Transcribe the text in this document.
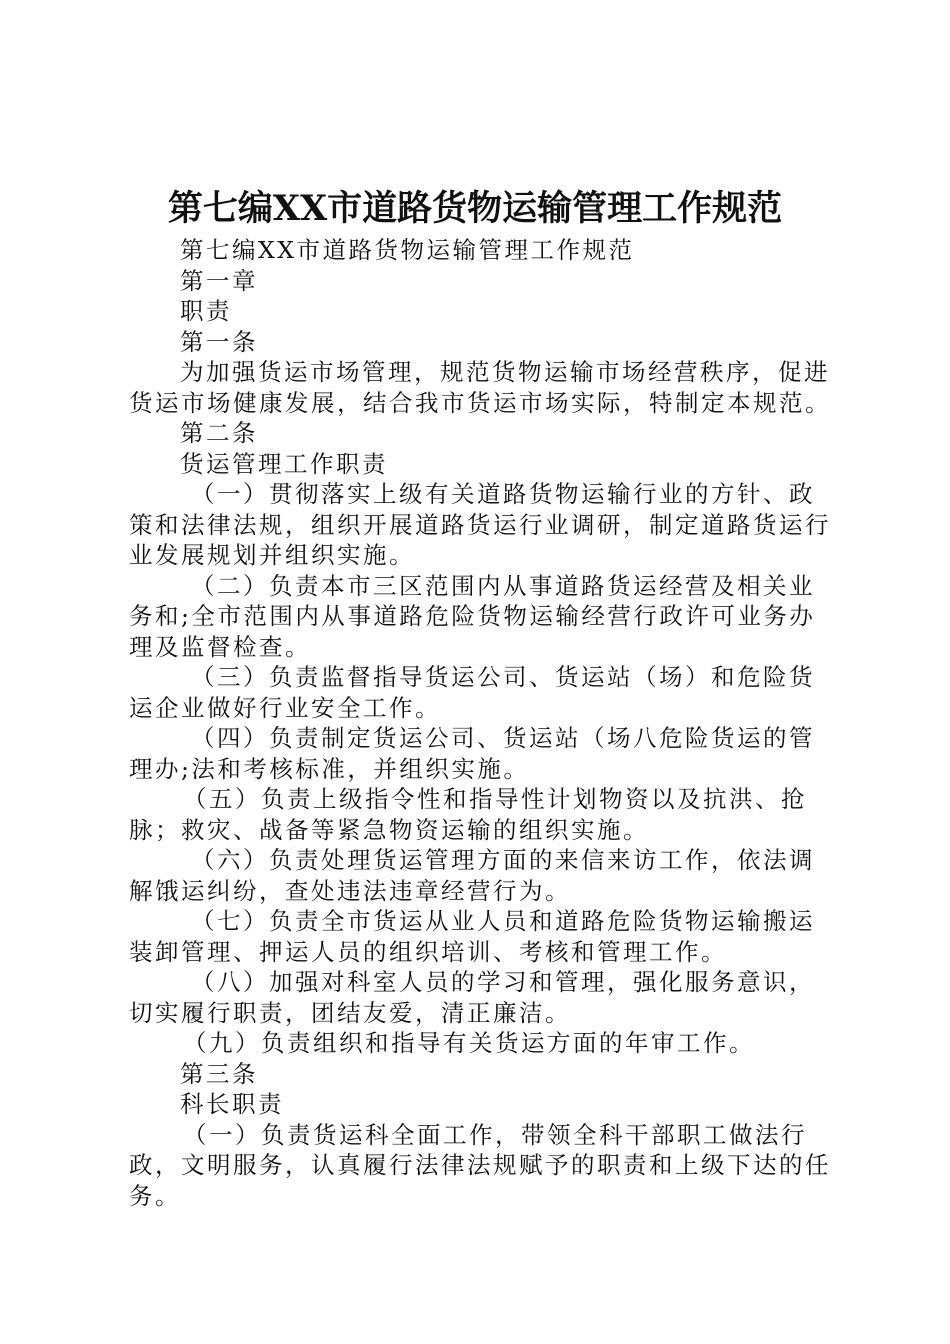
第七编XX市道路货物运输管理工作规范

第七编XX市道路货物运输管理工作规范

第一章

职责

第一条

为加强货运市场管理，规范货物运输市场经营秩序，促进货运市场健康发展，结合我市货运市场实际，特制定本规范。

第二条

货运管理工作职责

（一）贯彻落实上级有关道路货物运输行业的方针、政策和法律法规，组织开展道路货运行业调研，制定道路货运行业发展规划并组织实施。

（二）负责本市三区范围内从事道路货运经营及相关业务和;全市范围内从事道路危险货物运输经营行政许可业务办理及监督检查。

（三）负责监督指导货运公司、货运站（场）和危险货运企业做好行业安全工作。

（四）负责制定货运公司、货运站（场八危险货运的管理办;法和考核标准，并组织实施。

（五）负责上级指令性和指导性计划物资以及抗洪、抢脉；救灾、战备等紧急物资运输的组织实施。

（六）负责处理货运管理方面的来信来访工作，依法调解饿运纠纷，查处违法违章经营行为。

（七）负责全市货运从业人员和道路危险货物运输搬运装卸管理、押运人员的组织培训、考核和管理工作。

（八）加强对科室人员的学习和管理，强化服务意识，切实履行职责，团结友爱，清正廉洁。

（九）负责组织和指导有关货运方面的年审工作。

第三条

科长职责

（一）负责货运科全面工作，带领全科干部职工做法行政，文明服务，认真履行法律法规赋予的职责和上级下达的任务。
